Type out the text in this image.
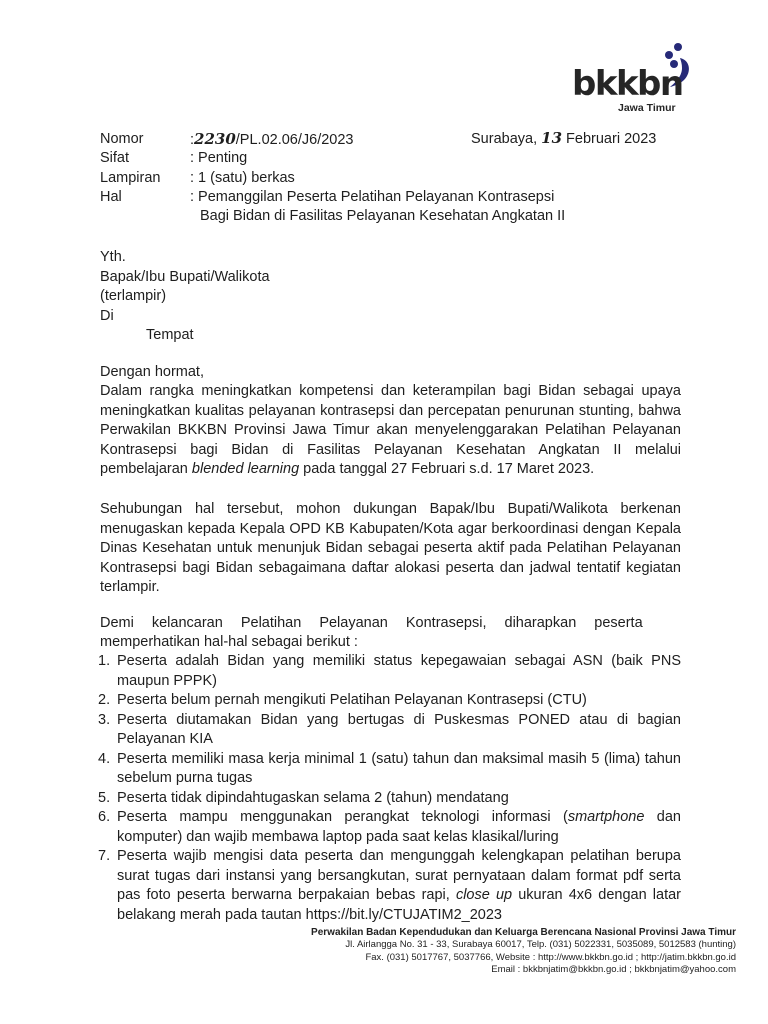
bkkbn
Jawa Timur
Nomor	:2230/PL.02.06/J6/2023
Sifat	: Penting
Lampiran : 1 (satu) berkas
Hal	: Pemanggilan Peserta Pelatihan Pelayanan Kontrasepsi
Bagi Bidan di Fasilitas Pelayanan Kesehatan Angkatan II
Surabaya, 13 Februari 2023
Yth.
Bapak/Ibu Bupati/Walikota
(terlampir)
Di
Tempat
Dengan hormat,
Dalam rangka meningkatkan kompetensi dan keterampilan bagi Bidan sebagai upaya meningkatkan kualitas pelayanan kontrasepsi dan percepatan penurunan stunting, bahwa Perwakilan BKKBN Provinsi Jawa Timur akan menyelenggarakan Pelatihan Pelayanan Kontrasepsi bagi Bidan di Fasilitas Pelayanan Kesehatan Angkatan II melalui pembelajaran blended learning pada tanggal 27 Februari s.d. 17 Maret 2023.
Sehubungan hal tersebut, mohon dukungan Bapak/Ibu Bupati/Walikota berkenan menugaskan kepada Kepala OPD KB Kabupaten/Kota agar berkoordinasi dengan Kepala Dinas Kesehatan untuk menunjuk Bidan sebagai peserta aktif pada Pelatihan Pelayanan Kontrasepsi bagi Bidan sebagaimana daftar alokasi peserta dan jadwal tentatif kegiatan terlampir.
Demi kelancaran Pelatihan Pelayanan Kontrasepsi, diharapkan peserta
memperhatikan hal-hal sebagai berikut :
1. Peserta adalah Bidan yang memiliki status kepegawaian sebagai ASN (baik PNS maupun PPPK)
2. Peserta belum pernah mengikuti Pelatihan Pelayanan Kontrasepsi (CTU)
3. Peserta diutamakan Bidan yang bertugas di Puskesmas PONED atau di bagian Pelayanan KIA
4. Peserta memiliki masa kerja minimal 1 (satu) tahun dan maksimal masih 5 (lima) tahun sebelum purna tugas
5. Peserta tidak dipindahtugaskan selama 2 (tahun) mendatang
6. Peserta mampu menggunakan perangkat teknologi informasi (smartphone dan komputer) dan wajib membawa laptop pada saat kelas klasikal/luring
7. Peserta wajib mengisi data peserta dan mengunggah kelengkapan pelatihan berupa surat tugas dari instansi yang bersangkutan, surat pernyataan dalam format pdf serta pas foto peserta berwarna berpakaian bebas rapi, close up ukuran 4x6 dengan latar belakang merah pada tautan https://bit.ly/CTUJATIM2_2023
Perwakilan Badan Kependudukan dan Keluarga Berencana Nasional Provinsi Jawa Timur
Jl. Airlangga No. 31 - 33, Surabaya 60017, Telp. (031) 5022331, 5035089, 5012583 (hunting)
Fax. (031) 5017767, 5037766, Website : http://www.bkkbn.go.id ; http://jatim.bkkbn.go.id
Email : bkkbnjatim@bkkbn.go.id ; bkkbnjatim@yahoo.com
